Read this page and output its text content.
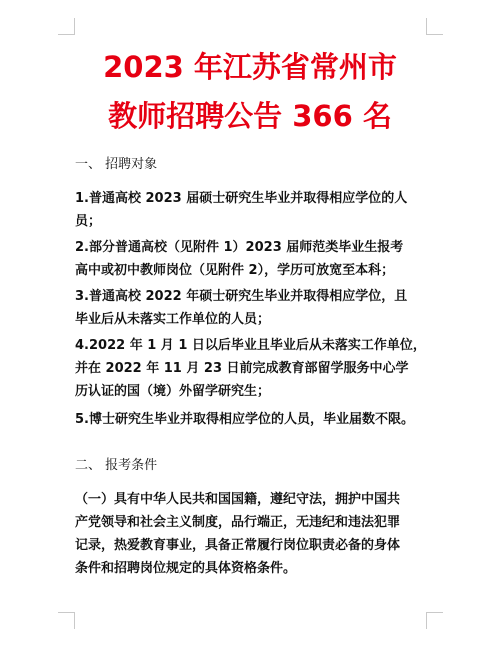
2023 年江苏省常州市
教师招聘公告 366 名
一、 招聘对象
1.普通高校 2023 届硕士研究生毕业并取得相应学位的人
员；
2.部分普通高校（见附件 1）2023 届师范类毕业生报考
高中或初中教师岗位（见附件 2），学历可放宽至本科；
3.普通高校 2022 年硕士研究生毕业并取得相应学位，且
毕业后从未落实工作单位的人员；
4.2022 年 1 月 1 日以后毕业且毕业后从未落实工作单位，
并在 2022 年 11 月 23 日前完成教育部留学服务中心学
历认证的国（境）外留学研究生；
5.博士研究生毕业并取得相应学位的人员，毕业届数不限。
二、 报考条件
（一）具有中华人民共和国国籍，遵纪守法，拥护中国共
产党领导和社会主义制度，品行端正，无违纪和违法犯罪
记录，热爱教育事业，具备正常履行岗位职责必备的身体
条件和招聘岗位规定的具体资格条件。
